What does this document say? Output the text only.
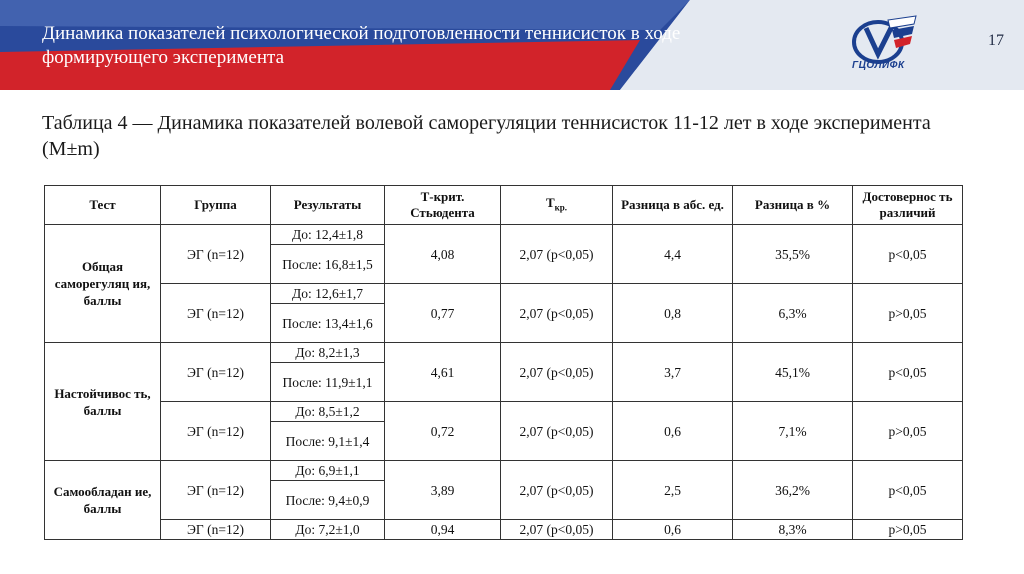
Динамика показателей психологической подготовленности теннисисток в ходе формирующего эксперимента	ГЦОЛИФК
17
Таблица 4 — Динамика показателей волевой саморегуляции теннисисток 11-12 лет в ходе эксперимента (M±m)
Тест	Группа	Результаты	Т-крит. Стьюдента	$Т_{кр.}$	Разница в абс. ед.	Разница в %	Достовернос ть различий
Общая саморегуляц ия, баллы	ЭГ (n=12)	До: 12,4±1,8	4,08	2,07 (р<0,05)	4,4	35,5%	р<0,05
		После: 16,8±1,5					
	ЭГ (n=12)	До: 12,6±1,7	0,77	2,07 (р<0,05)	0,8	6,3%	р>0,05
		После: 13,4±1,6					
Настойчивос ть, баллы	ЭГ (n=12)	До: 8,2±1,3	4,61	2,07 (р<0,05)	3,7	45,1%	р<0,05
		После: 11,9±1,1					
	ЭГ (n=12)	До: 8,5±1,2	0,72	2,07 (р<0,05)	0,6	7,1%	р>0,05
		После: 9,1±1,4					
Самообладан ие, баллы	ЭГ (n=12)	До: 6,9±1,1	3,89	2,07 (р<0,05)	2,5	36,2%	р<0,05
		После: 9,4±0,9					
	ЭГ (n=12)	До: 7,2±1,0	0,94	2,07 (р<0,05)	0,6	8,3%	р>0,05
